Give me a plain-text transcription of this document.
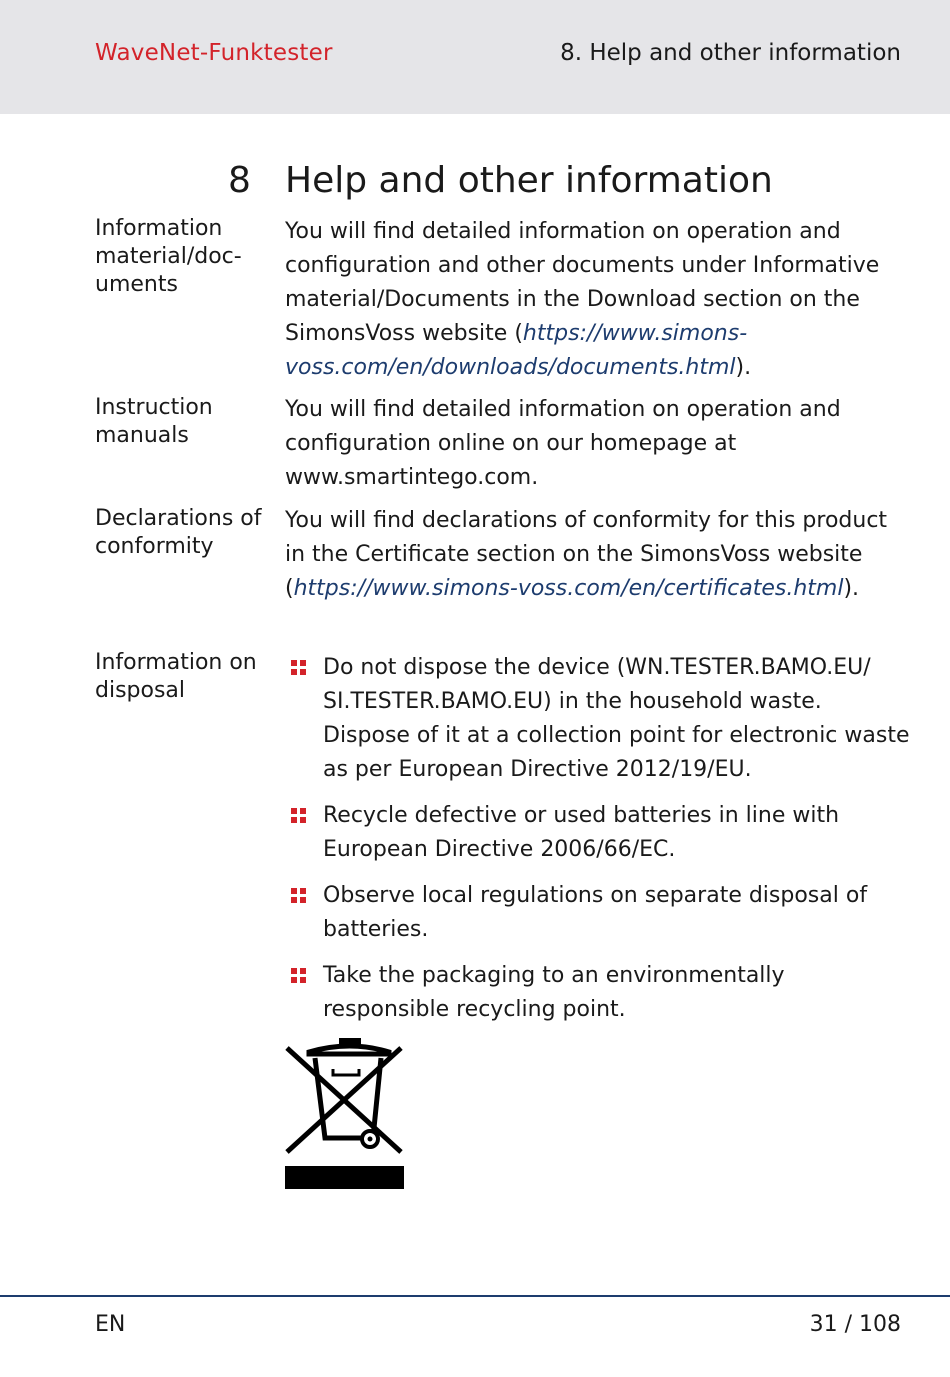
WaveNet-Funktester	8. Help and other information
8 Help and other information
Information material/doc- uments
You will find detailed information on operation and configuration and other documents under Informative material/Documents in the Download section on the SimonsVoss website (https://www.simons-voss.com/en/downloads/documents.html).
Instruction manuals
You will find detailed information on operation and configuration online on our homepage at www.smartintego.com.
Declarations of conformity
You will find declarations of conformity for this product in the Certificate section on the SimonsVoss website (https://www.simons-voss.com/en/certificates.html).
Information on disposal
Do not dispose the device (WN.TESTER.BAMO.EU/ SI.TESTER.BAMO.EU) in the household waste. Dispose of it at a collection point for electronic waste as per European Directive 2012/19/EU.
Recycle defective or used batteries in line with European Directive 2006/66/EC.
Observe local regulations on separate disposal of batteries.
Take the packaging to an environmentally responsible recycling point.
EN	31 / 108
